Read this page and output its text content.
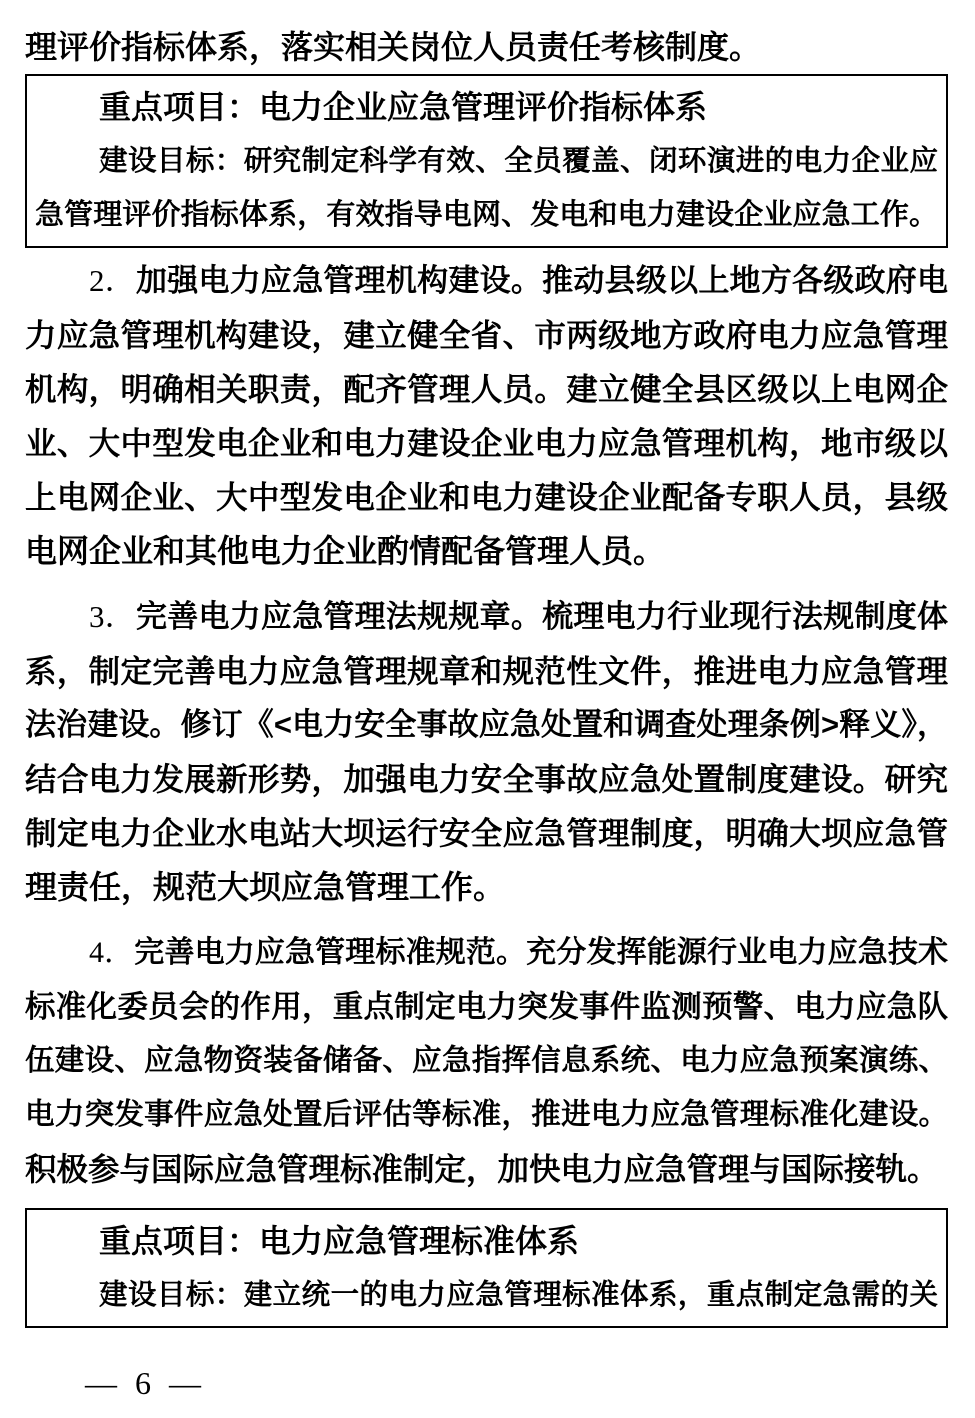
理评价指标体系，落实相关岗位人员责任考核制度。
重点项目：电力企业应急管理评价指标体系
建设目标：研究制定科学有效、全员覆盖、闭环演进的电力企业应
急管理评价指标体系，有效指导电网、发电和电力建设企业应急工作。
2．加强电力应急管理机构建设。推动县级以上地方各级政府电
力应急管理机构建设，建立健全省、市两级地方政府电力应急管理
机构，明确相关职责，配齐管理人员。建立健全县区级以上电网企
业、大中型发电企业和电力建设企业电力应急管理机构，地市级以
上电网企业、大中型发电企业和电力建设企业配备专职人员，县级
电网企业和其他电力企业酌情配备管理人员。
3．完善电力应急管理法规规章。梳理电力行业现行法规制度体
系，制定完善电力应急管理规章和规范性文件，推进电力应急管理
法治建设。修订《<电力安全事故应急处置和调查处理条例>释义》，
结合电力发展新形势，加强电力安全事故应急处置制度建设。研究
制定电力企业水电站大坝运行安全应急管理制度，明确大坝应急管
理责任，规范大坝应急管理工作。
4．完善电力应急管理标准规范。充分发挥能源行业电力应急技术
标准化委员会的作用，重点制定电力突发事件监测预警、电力应急队
伍建设、应急物资装备储备、应急指挥信息系统、电力应急预案演练、
电力突发事件应急处置后评估等标准，推进电力应急管理标准化建设。
积极参与国际应急管理标准制定，加快电力应急管理与国际接轨。
重点项目：电力应急管理标准体系
建设目标：建立统一的电力应急管理标准体系，重点制定急需的关
— 6 —
